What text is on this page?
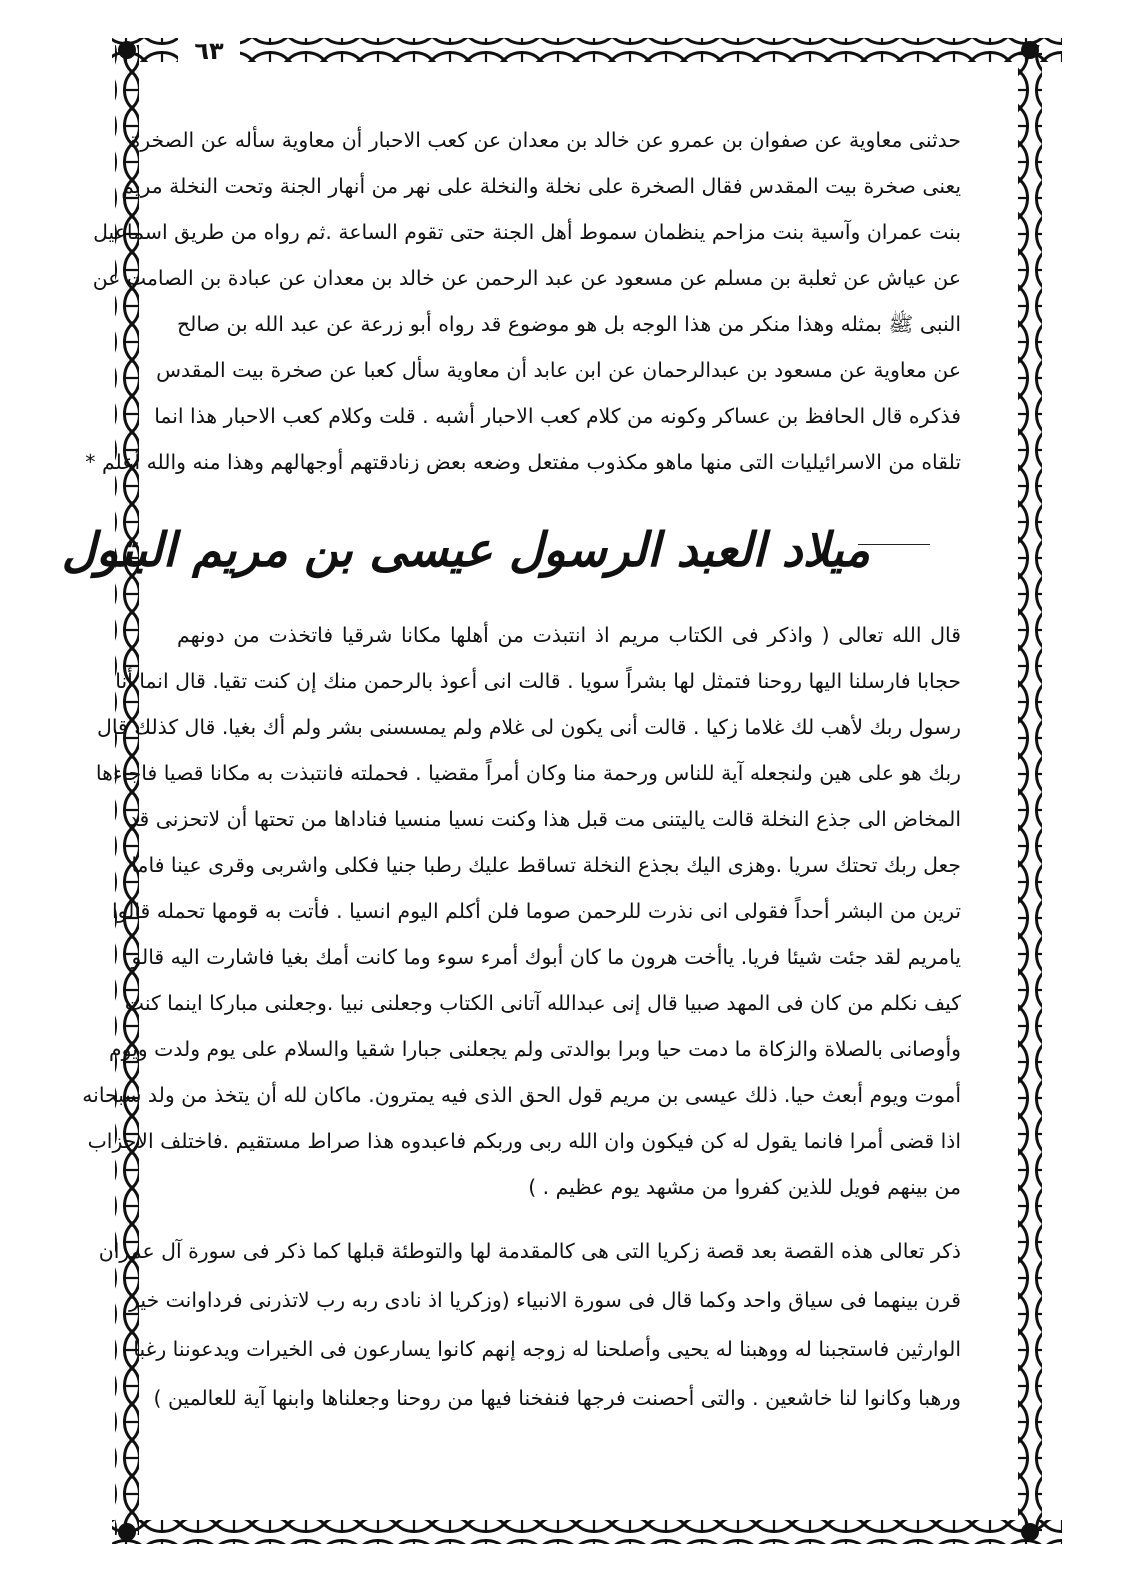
٦٣
حدثنى معاوية عن صفوان بن عمرو عن خالد بن معدان عن كعب الاحبار أن معاوية سأله عن الصخرة
يعنى صخرة بيت المقدس فقال الصخرة على نخلة والنخلة على نهر من أنهار الجنة وتحت النخلة مريم
بنت عمران وآسية بنت مزاحم ينظمان سموط أهل الجنة حتى تقوم الساعة .ثم رواه من طريق اسماعيل
عن عياش عن ثعلبة بن مسلم عن مسعود عن عبد الرحمن عن خالد بن معدان عن عبادة بن الصامت عن
النبى ﷺ بمثله وهذا منكر من هذا الوجه بل هو موضوع قد رواه أبو زرعة عن عبد الله بن صالح
عن معاوية عن مسعود بن عبدالرحمان عن ابن عابد أن معاوية سأل كعبا عن صخرة بيت المقدس
فذكره قال الحافظ بن عساكر وكونه من كلام كعب الاحبار أشبه . قلت وكلام كعب الاحبار هذا انما
تلقاه من الاسرائيليات التى منها ماهو مكذوب مفتعل وضعه بعض زنادقتهم أوجهالهم وهذا منه والله أعلم *
ميلاد العبد الرسول عيسى بن مريم البتول
قال الله تعالى ( واذكر فى الكتاب مريم اذ انتبذت من أهلها مكانا شرقيا فاتخذت من دونهم
حجابا فارسلنا اليها روحنا فتمثل لها بشراً سويا . قالت انى أعوذ بالرحمن منك إن كنت تقيا. قال انما أنا
رسول ربك لأهب لك غلاما زكيا . قالت أنى يكون لى غلام ولم يمسسنى بشر ولم أك بغيا. قال كذلك قال
ربك هو على هين ولنجعله آية للناس ورحمة منا وكان أمراً مقضيا . فحملته فانتبذت به مكانا قصيا فاجاءها
المخاض الى جذع النخلة قالت ياليتنى مت قبل هذا وكنت نسيا منسيا فناداها من تحتها أن لاتحزنى قد
جعل ربك تحتك سريا .وهزى اليك بجذع النخلة تساقط عليك رطبا جنيا فكلى واشربى وقرى عينا فاما
ترين من البشر أحداً فقولى انى نذرت للرحمن صوما فلن أكلم اليوم انسيا . فأتت به قومها تحمله قالوا
يامريم لقد جئت شيئا فريا. ياأخت هرون ما كان أبوك أمرء سوء وما كانت أمك بغيا فاشارت اليه قالو
كيف نكلم من كان فى المهد صبيا قال إنى عبدالله آتانى الكتاب وجعلنى نبيا .وجعلنى مباركا اينما كنت
وأوصانى بالصلاة والزكاة ما دمت حيا وبرا بوالدتى ولم يجعلنى جبارا شقيا والسلام على يوم ولدت ويوم
أموت ويوم أبعث حيا. ذلك عيسى بن مريم قول الحق الذى فيه يمترون. ماكان لله أن يتخذ من ولد سبحانه
اذا قضى أمرا فانما يقول له كن فيكون وان الله ربى وربكم فاعبدوه هذا صراط مستقيم .فاختلف الاحزاب
من بينهم فويل للذين كفروا من مشهد يوم عظيم . )
ذكر تعالى هذه القصة بعد قصة زكريا التى هى كالمقدمة لها والتوطئة قبلها كما ذكر فى سورة آل عمران
قرن بينهما فى سياق واحد وكما قال فى سورة الانبياء (وزكريا اذ نادى ربه رب لاتذرنى فرداوانت خير
الوارثين فاستجبنا له ووهبنا له يحيى وأصلحنا له زوجه إنهم كانوا يسارعون فى الخيرات ويدعوننا رغبا
ورهبا وكانوا لنا خاشعين . والتى أحصنت فرجها فنفخنا فيها من روحنا وجعلناها وابنها آية للعالمين )
